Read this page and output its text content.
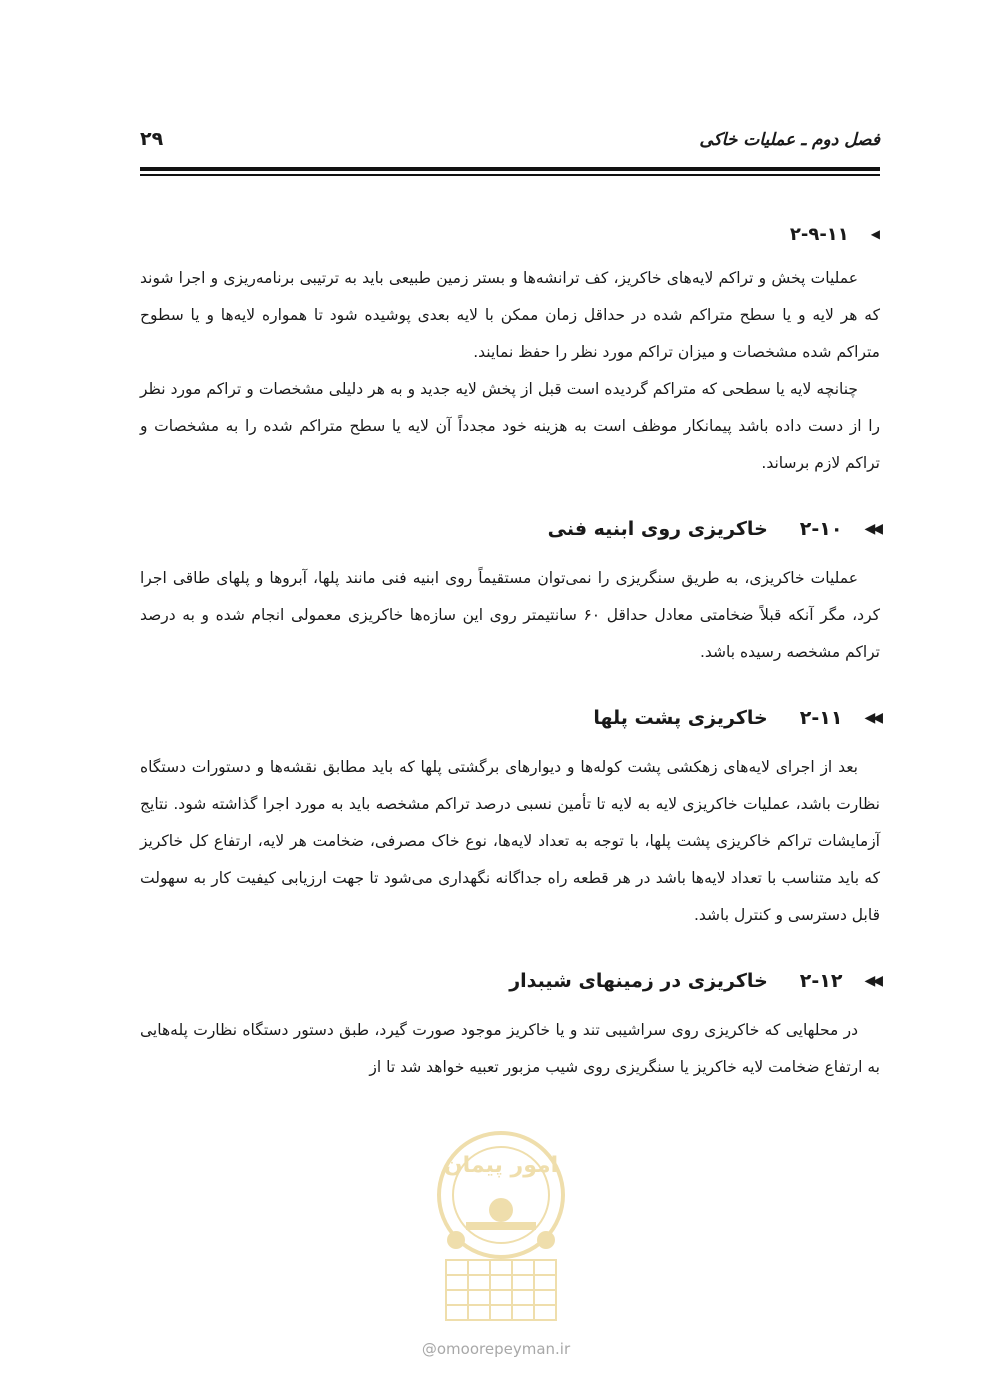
فصل دوم ـ عملیات خاکی
۲۹
◀
۲-۹-۱۱

عملیات پخش و تراکم لایه‌های خاکریز، کف ترانشه‌ها و بستر زمین طبیعی باید به ترتیبی برنامه‌ریزی و اجرا شوند که هر لایه و یا سطح متراکم شده در حداقل زمان ممکن با لایه بعدی پوشیده شود تا همواره لایه‌ها و یا سطوح متراکم شده مشخصات و میزان تراکم مورد نظر را حفظ نمایند.

چنانچه لایه یا سطحی که متراکم گردیده است قبل از پخش لایه جدید و به هر دلیلی مشخصات و تراکم مورد نظر را از دست داده باشد پیمانکار موظف است به هزینه خود مجدداً آن لایه یا سطح متراکم شده را به مشخصات و تراکم لازم برساند.

◀◀
۲-۱۰
خاکریزی روی ابنیه فنی

عملیات خاکریزی، به طریق سنگریزی را نمی‌توان مستقیماً روی ابنیه فنی مانند پلها، آبروها و پلهای طاقی اجرا کرد، مگر آنکه قبلاً ضخامتی معادل حداقل ۶۰ سانتیمتر روی این سازه‌ها خاکریزی معمولی انجام شده و به درصد تراکم مشخصه رسیده باشد.

◀◀
۲-۱۱
خاکریزی پشت پلها

بعد از اجرای لایه‌های زهکشی پشت کوله‌ها و دیوارهای برگشتی پلها که باید مطابق نقشه‌ها و دستورات دستگاه نظارت باشد، عملیات خاکریزی لایه به لایه تا تأمین نسبی درصد تراکم مشخصه باید به مورد اجرا گذاشته شود. نتایج آزمایشات تراکم خاکریزی پشت پلها، با توجه به تعداد لایه‌ها، نوع خاک مصرفی، ضخامت هر لایه، ارتفاع کل خاکریز که باید متناسب با تعداد لایه‌ها باشد در هر قطعه راه جداگانه نگهداری می‌شود تا جهت ارزیابی کیفیت کار به سهولت قابل دسترسی و کنترل باشد.

◀◀
۲-۱۲
خاکریزی در زمینهای شیبدار

در محلهایی که خاکریزی روی سراشیبی تند و یا خاکریز موجود صورت گیرد، طبق دستور دستگاه نظارت پله‌هایی به ارتفاع ضخامت لایه خاکریز یا سنگریزی روی شیب مزبور تعبیه خواهد شد تا از

امور پیمان
@omoorepeyman.ir
